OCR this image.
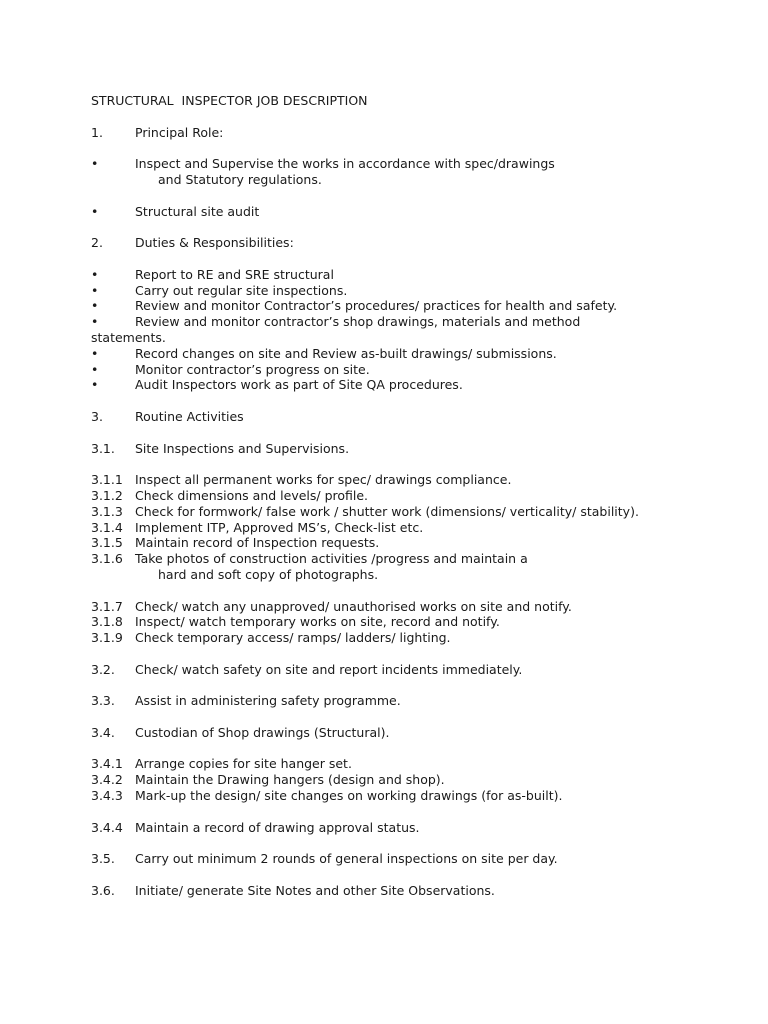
STRUCTURAL  INSPECTOR JOB DESCRIPTION
1.	Principal Role:
•	Inspect and Supervise the works in accordance with spec/drawings
and Statutory regulations.
•	Structural site audit
2.	Duties & Responsibilities:
•	Report to RE and SRE structural
•	Carry out regular site inspections.
•	Review and monitor Contractor’s procedures/ practices for health and safety.
•	Review and monitor contractor’s shop drawings, materials and method
statements.
•	Record changes on site and Review as-built drawings/ submissions.
•	Monitor contractor’s progress on site.
•	Audit Inspectors work as part of Site QA procedures.
3.	Routine Activities
3.1. Site Inspections and Supervisions.
3.1.1 Inspect all permanent works for spec/ drawings compliance.
3.1.2 Check dimensions and levels/ profile.
3.1.3 Check for formwork/ false work / shutter work (dimensions/ verticality/ stability).
3.1.4 Implement ITP, Approved MS’s, Check-list etc.
3.1.5 Maintain record of Inspection requests.
3.1.6 Take photos of construction activities /progress and maintain a
hard and soft copy of photographs.
3.1.7 Check/ watch any unapproved/ unauthorised works on site and notify.
3.1.8 Inspect/ watch temporary works on site, record and notify.
3.1.9 Check temporary access/ ramps/ ladders/ lighting.
3.2. Check/ watch safety on site and report incidents immediately.
3.3. Assist in administering safety programme.
3.4. Custodian of Shop drawings (Structural).
3.4.1 Arrange copies for site hanger set.
3.4.2 Maintain the Drawing hangers (design and shop).
3.4.3 Mark-up the design/ site changes on working drawings (for as-built).
3.4.4 Maintain a record of drawing approval status.
3.5. Carry out minimum 2 rounds of general inspections on site per day.
3.6. Initiate/ generate Site Notes and other Site Observations.
